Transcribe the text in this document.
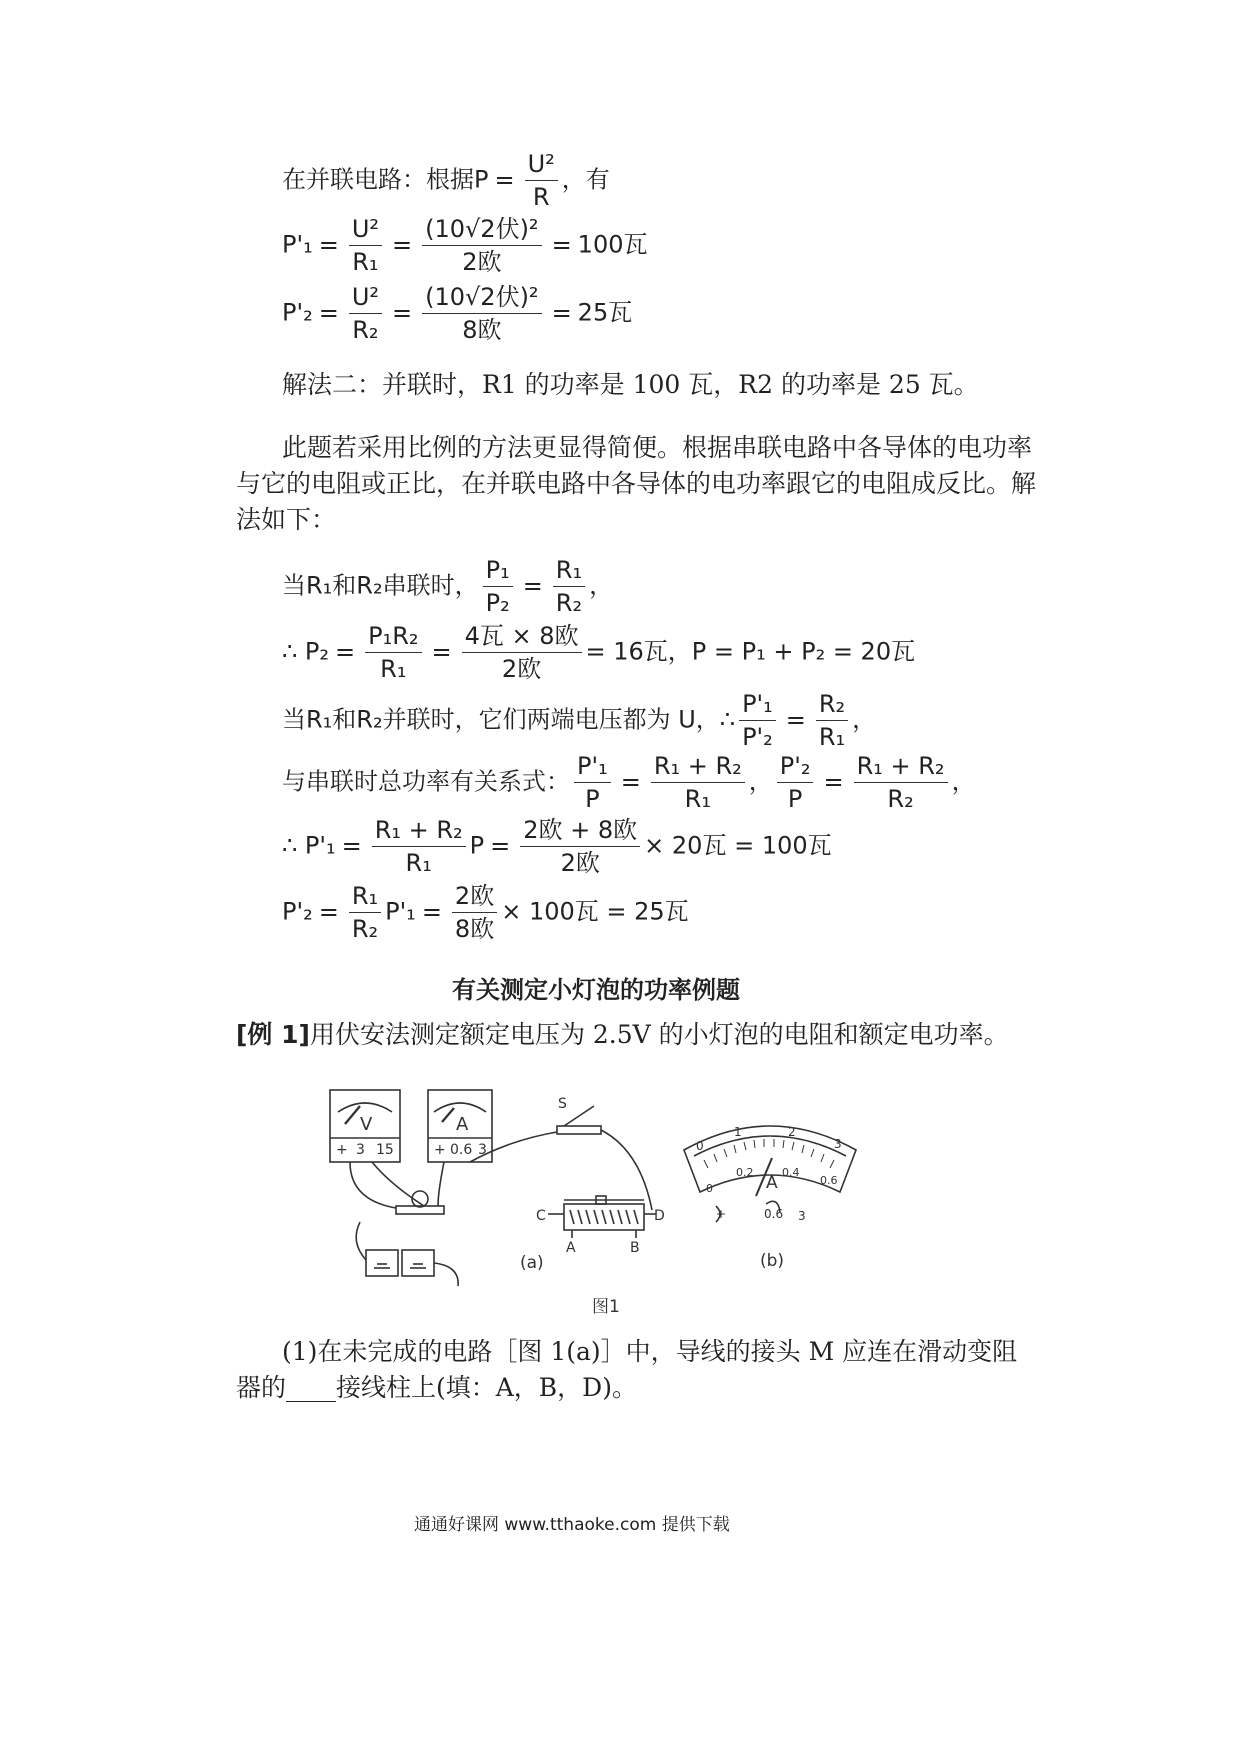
在并联电路：根据$P = \frac{\text{U²}}{R}$ ，有
$P'_1 = \frac{\text{U²}}{\text{R₁}} = \frac{\text{(10√2伏)²}}{\text{2欧}} = 100$瓦
$P'_2 = \frac{\text{U²}}{\text{R₂}} = \frac{\text{(10√2伏)²}}{\text{8欧}} = 25$瓦
解法二：并联时，R1 的功率是 100 瓦，R2 的功率是 25 瓦。
此题若采用比例的方法更显得简便。根据串联电路中各导体的电功率与它的电阻或正比，在并联电路中各导体的电功率跟它的电阻成反比。解法如下：
当R₁和R₂串联时， $\frac{\text{P₁}}{\text{P₂}} = \frac{\text{R₁}}{\text{R₂}}$ ，
∴ $P_2 = \frac{\text{P₁R₂}}{\text{R₁}} = \frac{\text{4瓦 × 8欧}}{\text{2欧}} = 16$瓦，P = P₁ + P₂ = 20瓦
当R₁和R₂并联时，它们两端电压都为 U，∴ $\frac{\text{P'₁}}{\text{P'₂}} = \frac{\text{R₂}}{\text{R₁}}$ ，
与串联时总功率有关系式： $\frac{\text{P'₁}}{P} = \frac{\text{R₁ + R₂}}{\text{R₁}}$ ， $\frac{\text{P'₂}}{P} = \frac{\text{R₁ + R₂}}{\text{R₂}}$ ，
∴ $P'_1 = \frac{\text{R₁ + R₂}}{\text{R₁}}$ $P = \frac{\text{2欧 + 8欧}}{\text{2欧}} \times 20$瓦 = 100瓦
$P'_2 = \frac{\text{R₁}}{\text{R₂}} P'_1 = \frac{\text{2欧}}{\text{8欧}} \times 100$瓦 = 25瓦
有关测定小灯泡的功率例题
[例 1]用伏安法测定额定电压为 2.5V 的小灯泡的电阻和额定电功率。
V	A
+ 3 15	+ 0.6 3
S
C	D
A	B
(a)	(b)
图1
0
1	2
3
0.2	0.4
0.6
0	A
+	0.6 3
(1)在未完成的电路［图 1(a)］中，导线的接头 M 应连在滑动变阻器的____接线柱上(填：A，B，D)。
通通好课网 www.tthaoke.com 提供下载
